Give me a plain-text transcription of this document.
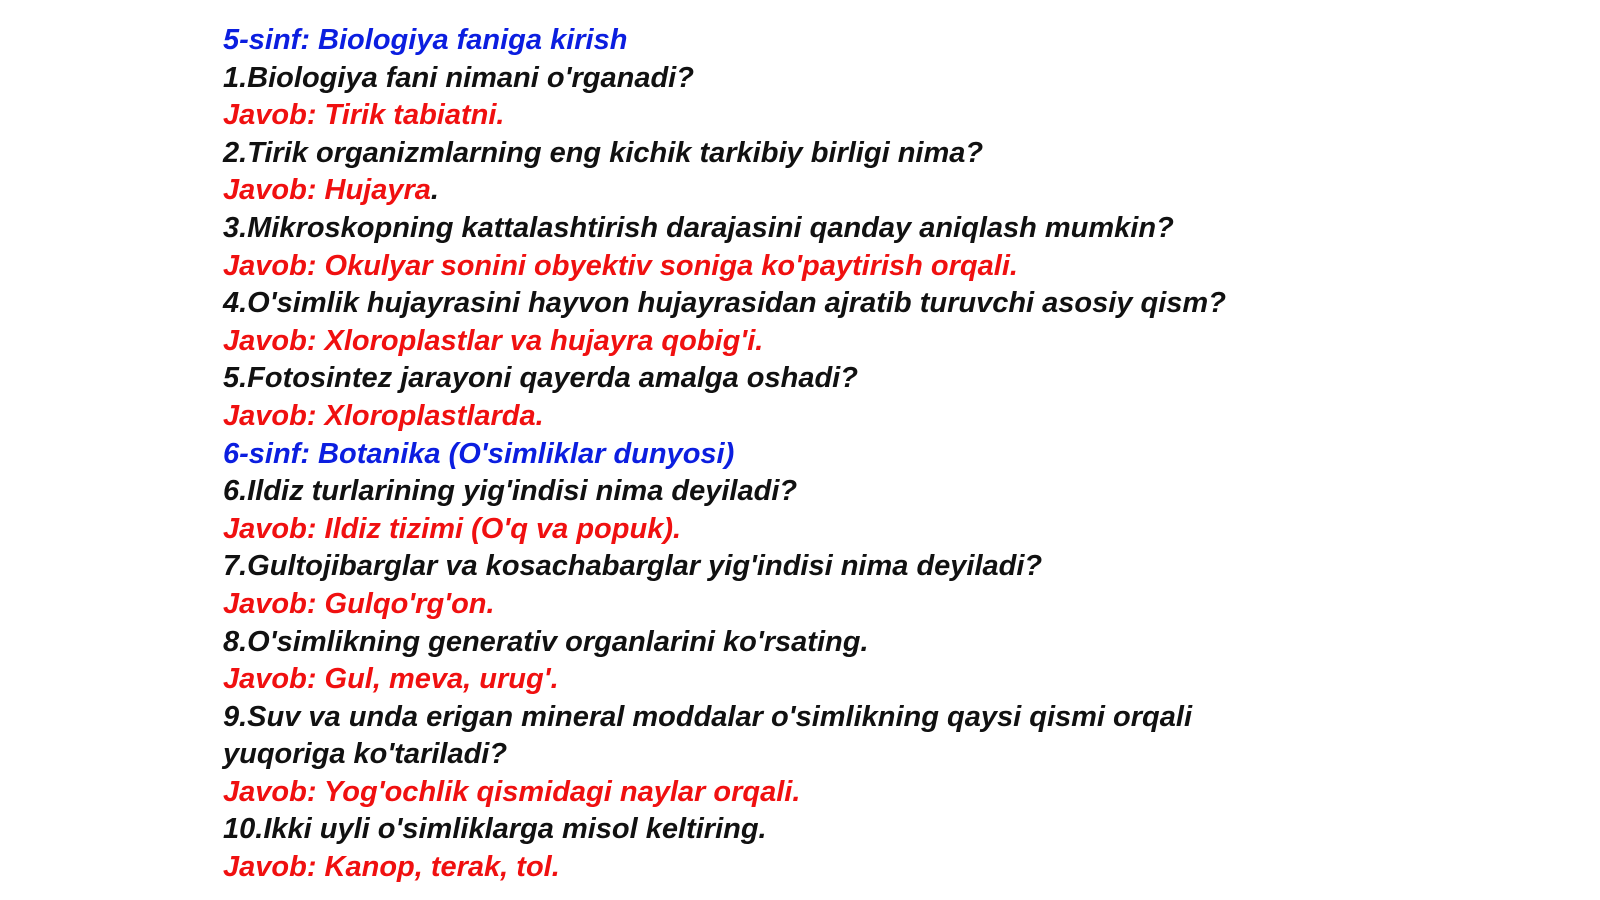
5-sinf: Biologiya faniga kirish
1.Biologiya fani nimani o'rganadi?
Javob: Tirik tabiatni.
2.Tirik organizmlarning eng kichik tarkibiy birligi nima?
Javob: Hujayra.
3.Mikroskopning kattalashtirish darajasini qanday aniqlash mumkin?
Javob: Okulyar sonini obyektiv soniga ko'paytirish orqali.
4.O'simlik hujayrasini hayvon hujayrasidan ajratib turuvchi asosiy qism?
Javob: Xloroplastlar va hujayra qobig'i.
5.Fotosintez jarayoni qayerda amalga oshadi?
Javob: Xloroplastlarda.
6-sinf: Botanika (O'simliklar dunyosi)
6.Ildiz turlarining yig'indisi nima deyiladi?
Javob: Ildiz tizimi (O'q va popuk).
7.Gultojibarglar va kosachabarglar yig'indisi nima deyiladi?
Javob: Gulqo'rg'on.
8.O'simlikning generativ organlarini ko'rsating.
Javob: Gul, meva, urug'.
9.Suv va unda erigan mineral moddalar o'simlikning qaysi qismi orqali
yuqoriga ko'tariladi?
Javob: Yog'ochlik qismidagi naylar orqali.
10.Ikki uyli o'simliklarga misol keltiring.
Javob: Kanop, terak, tol.
